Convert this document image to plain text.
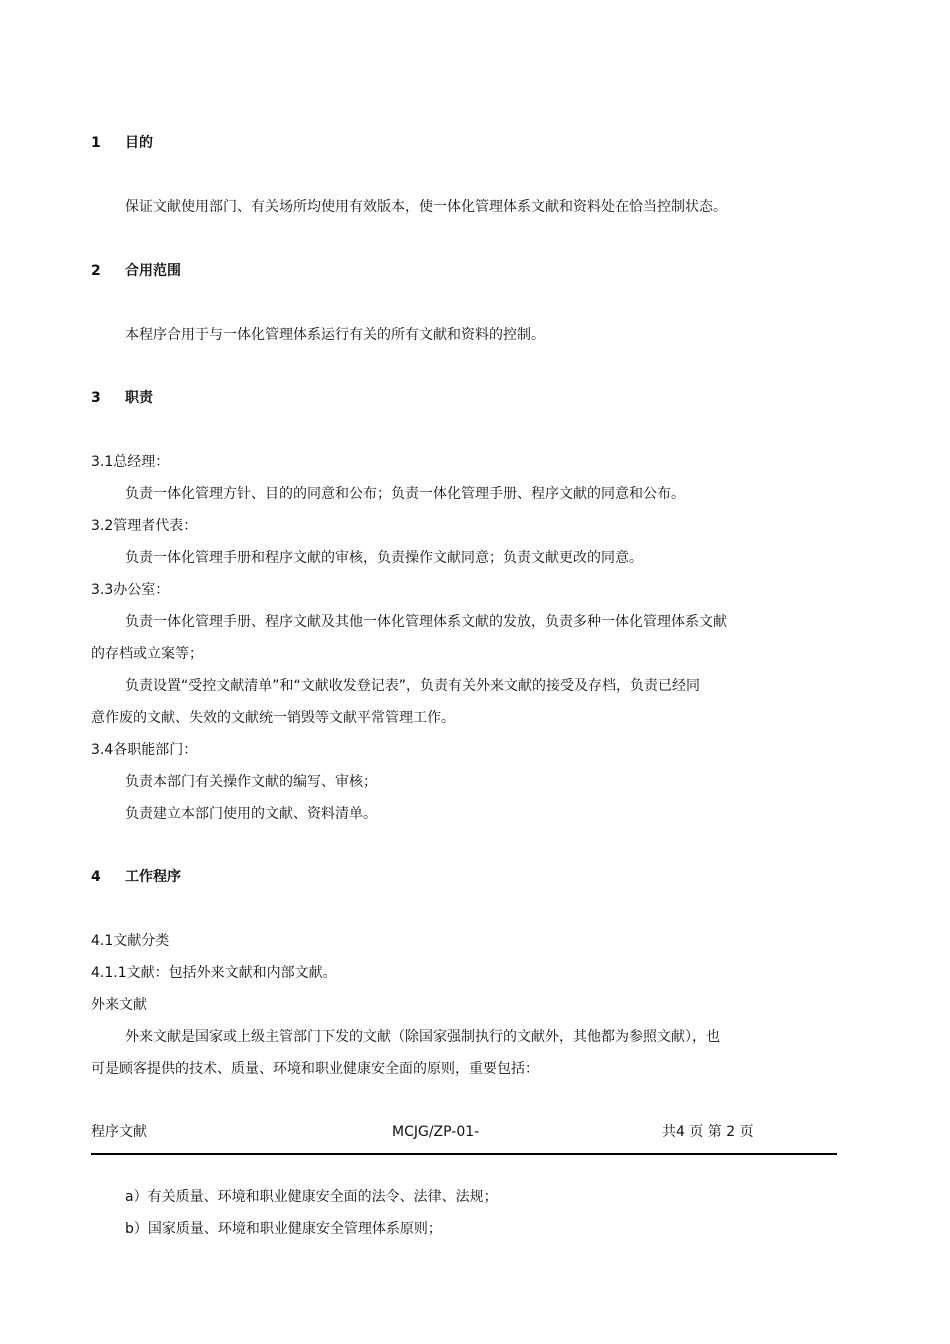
1 目的
保证文献使用部门、有关场所均使用有效版本，使一体化管理体系文献和资料处在恰当控制状态。
2 合用范围
本程序合用于与一体化管理体系运行有关的所有文献和资料的控制。
3 职责
3.1总经理：
负责一体化管理方针、目的的同意和公布；负责一体化管理手册、程序文献的同意和公布。
3.2管理者代表：
负责一体化管理手册和程序文献的审核，负责操作文献同意；负责文献更改的同意。
3.3办公室：
负责一体化管理手册、程序文献及其他一体化管理体系文献的发放，负责多种一体化管理体系文献
的存档或立案等；
负责设置“受控文献清单”和“文献收发登记表”，负责有关外来文献的接受及存档，负责已经同
意作废的文献、失效的文献统一销毁等文献平常管理工作。
3.4各职能部门：
负责本部门有关操作文献的编写、审核；
负责建立本部门使用的文献、资料清单。
4 工作程序
4.1文献分类
4.1.1文献：包括外来文献和内部文献。
外来文献
外来文献是国家或上级主管部门下发的文献（除国家强制执行的文献外，其他都为参照文献），也
可是顾客提供的技术、质量、环境和职业健康安全面的原则，重要包括：
程序文献	MCJG/ZP-01-	共4 页 第 2 页
a）有关质量、环境和职业健康安全面的法令、法律、法规；
b）国家质量、环境和职业健康安全管理体系原则；
